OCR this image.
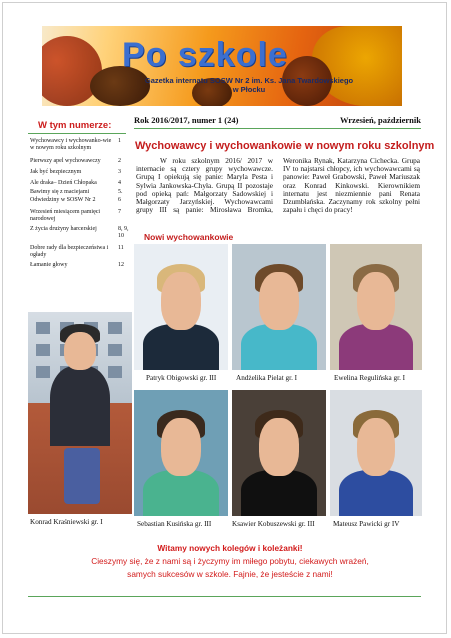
Po szkole
Gazetka internatu SOSW Nr 2 im. Ks. Jana Twardowskiego
w Płocku
Rok 2016/2017, numer 1 (24)	Wrzesień, październik
W tym numerze:
Wychowawcy i wychowanko-wie w nowym roku szkolnym
1
Pierwszy apel wychowawczy	2
Jak być bezpiecznym	3
Ale draka– Dzień Chłopaka	4
Bawimy się z maciejami	5.
Odwiedziny w SOSW Nr 2	6
Wrzesień miesiącem pamięci narodowej
7
Z życia drużyny harcerskiej	8, 9, 10
Dobre rady dla bezpieczeństwa i ogłady
11
Łamanie głowy	12
Wychowawcy i wychowankowie w nowym roku szkolnym

W roku szkolnym 2016/ 2017 w internacie są cztery grupy wychowawcze. Grupą I opiekują się panie: Maryla Pesta i Sylwia Jankowska-Chyła. Grupą II pozostaje pod opieką pań: Małgorzaty Sadowskiej i Małgorzaty Jarzyńskiej. Wychowawcami grupy III są panie: Mirosława Bromka, Weronika Rynak, Katarzyna Cichecka. Grupa IV to najstarsi chłopcy, ich wychowawcami są panowie: Paweł Grabowski, Paweł Mariuszak oraz Konrad Kinkowski. Kierownikiem internatu jest niezmiennie pani Renata Dzumbłańska. Zaczynamy rok szkolny pełni zapału i chęci do pracy!

Nowi wychowankowie
Patryk Obigowski gr. III	Andżelika Pielat gr. I	Ewelina Regulińska gr. I
Konrad Kraśniewski gr. I	Sebastian Kusińska gr. III	Ksawier Kobuszewski gr. III	Mateusz Pawicki gr IV
Witamy nowych kolegów i koleżanki!
Cieszymy się, że z nami są i życzymy im miłego pobytu, ciekawych wrażeń,
samych sukcesów w szkole. Fajnie, że jesteście z nami!
